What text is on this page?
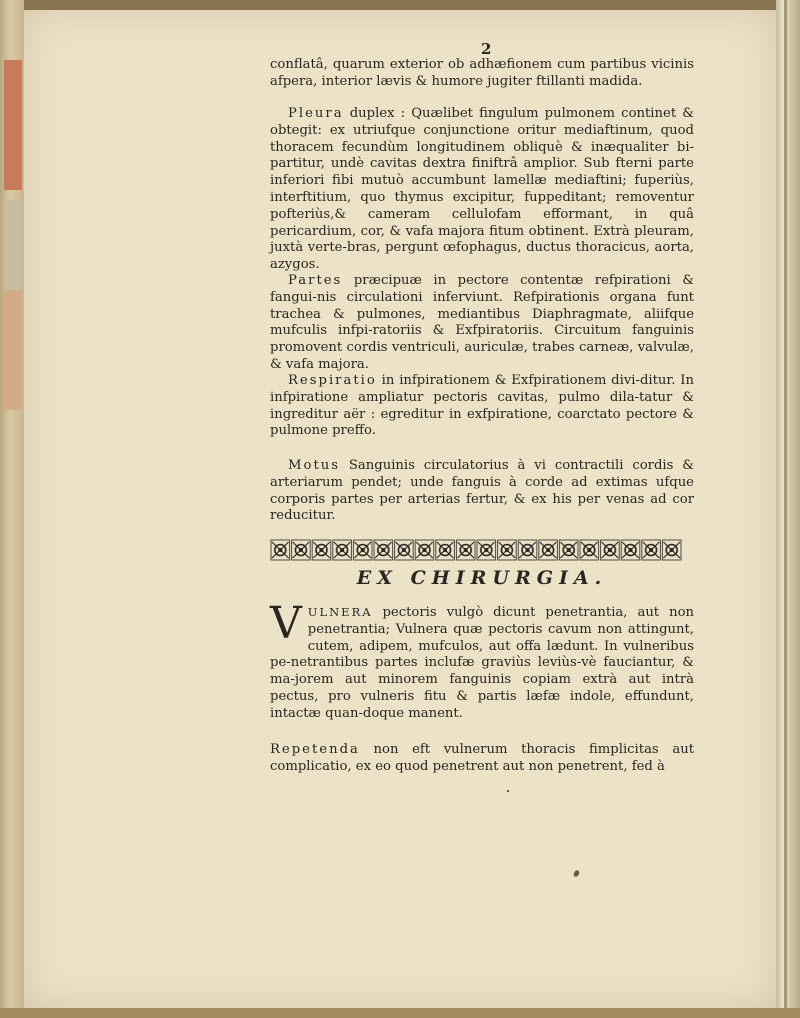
2
conflatâ, quarum exterior ob adhæfionem cum partibus vicinis afpera, interior lævis & humore jugiter ftillanti madida.
Pleura duplex : Quælibet fingulum pulmonem continet & obtegit: ex utriufque conjunctione oritur mediaftinum, quod thoracem fecundùm longitudinem obliquè & inæqualiter bi-partitur, undè cavitas dextra finiftrâ amplior. Sub fterni parte inferiori fibi mutuò accumbunt lamellæ mediaftini; fuperiùs, interftitium, quo thymus excipitur, fuppeditant; removentur pofteriùs,& cameram cellulofam efformant, in quâ pericardium, cor, & vafa majora fitum obtinent. Extrà pleuram, juxtà verte-bras, pergunt œfophagus, ductus thoracicus, aorta, azygos.
Partes præcipuæ in pectore contentæ refpirationi & fangui-nis circulationi inferviunt. Refpirationis organa funt trachea & pulmones, mediantibus Diaphragmate, aliifque mufculis infpi-ratoriis & Exfpiratoriis. Circuitum fanguinis promovent cordis ventriculi, auriculæ, trabes carneæ, valvulæ, & vafa majora.
Respiratio in infpirationem & Exfpirationem divi-ditur. In infpiratione ampliatur pectoris cavitas, pulmo dila-tatur & ingreditur aër : egreditur in exfpiratione, coarctato pectore & pulmone preffo.
Motus Sanguinis circulatorius à vi contractili cordis & arteriarum pendet; unde fanguis à corde ad extimas ufque corporis partes per arterias fertur, & ex his per venas ad cor reducitur.
EX CHIRURGIA.
VULNERA pectoris vulgò dicunt penetrantia, aut non penetrantia; Vulnera quæ pectoris cavum non attingunt, cutem, adipem, mufculos, aut offa lædunt. In vulneribus pe-netrantibus partes inclufæ graviùs leviùs-vè fauciantur, & ma-jorem aut minorem fanguinis copiam extrà aut intrà pectus, pro vulneris fitu & partis læfæ indole, effundunt, intactæ quan-doque manent.
Repetenda non eft vulnerum thoracis fimplicitas aut complicatio, ex eo quod penetrent aut non penetrent, fed à
